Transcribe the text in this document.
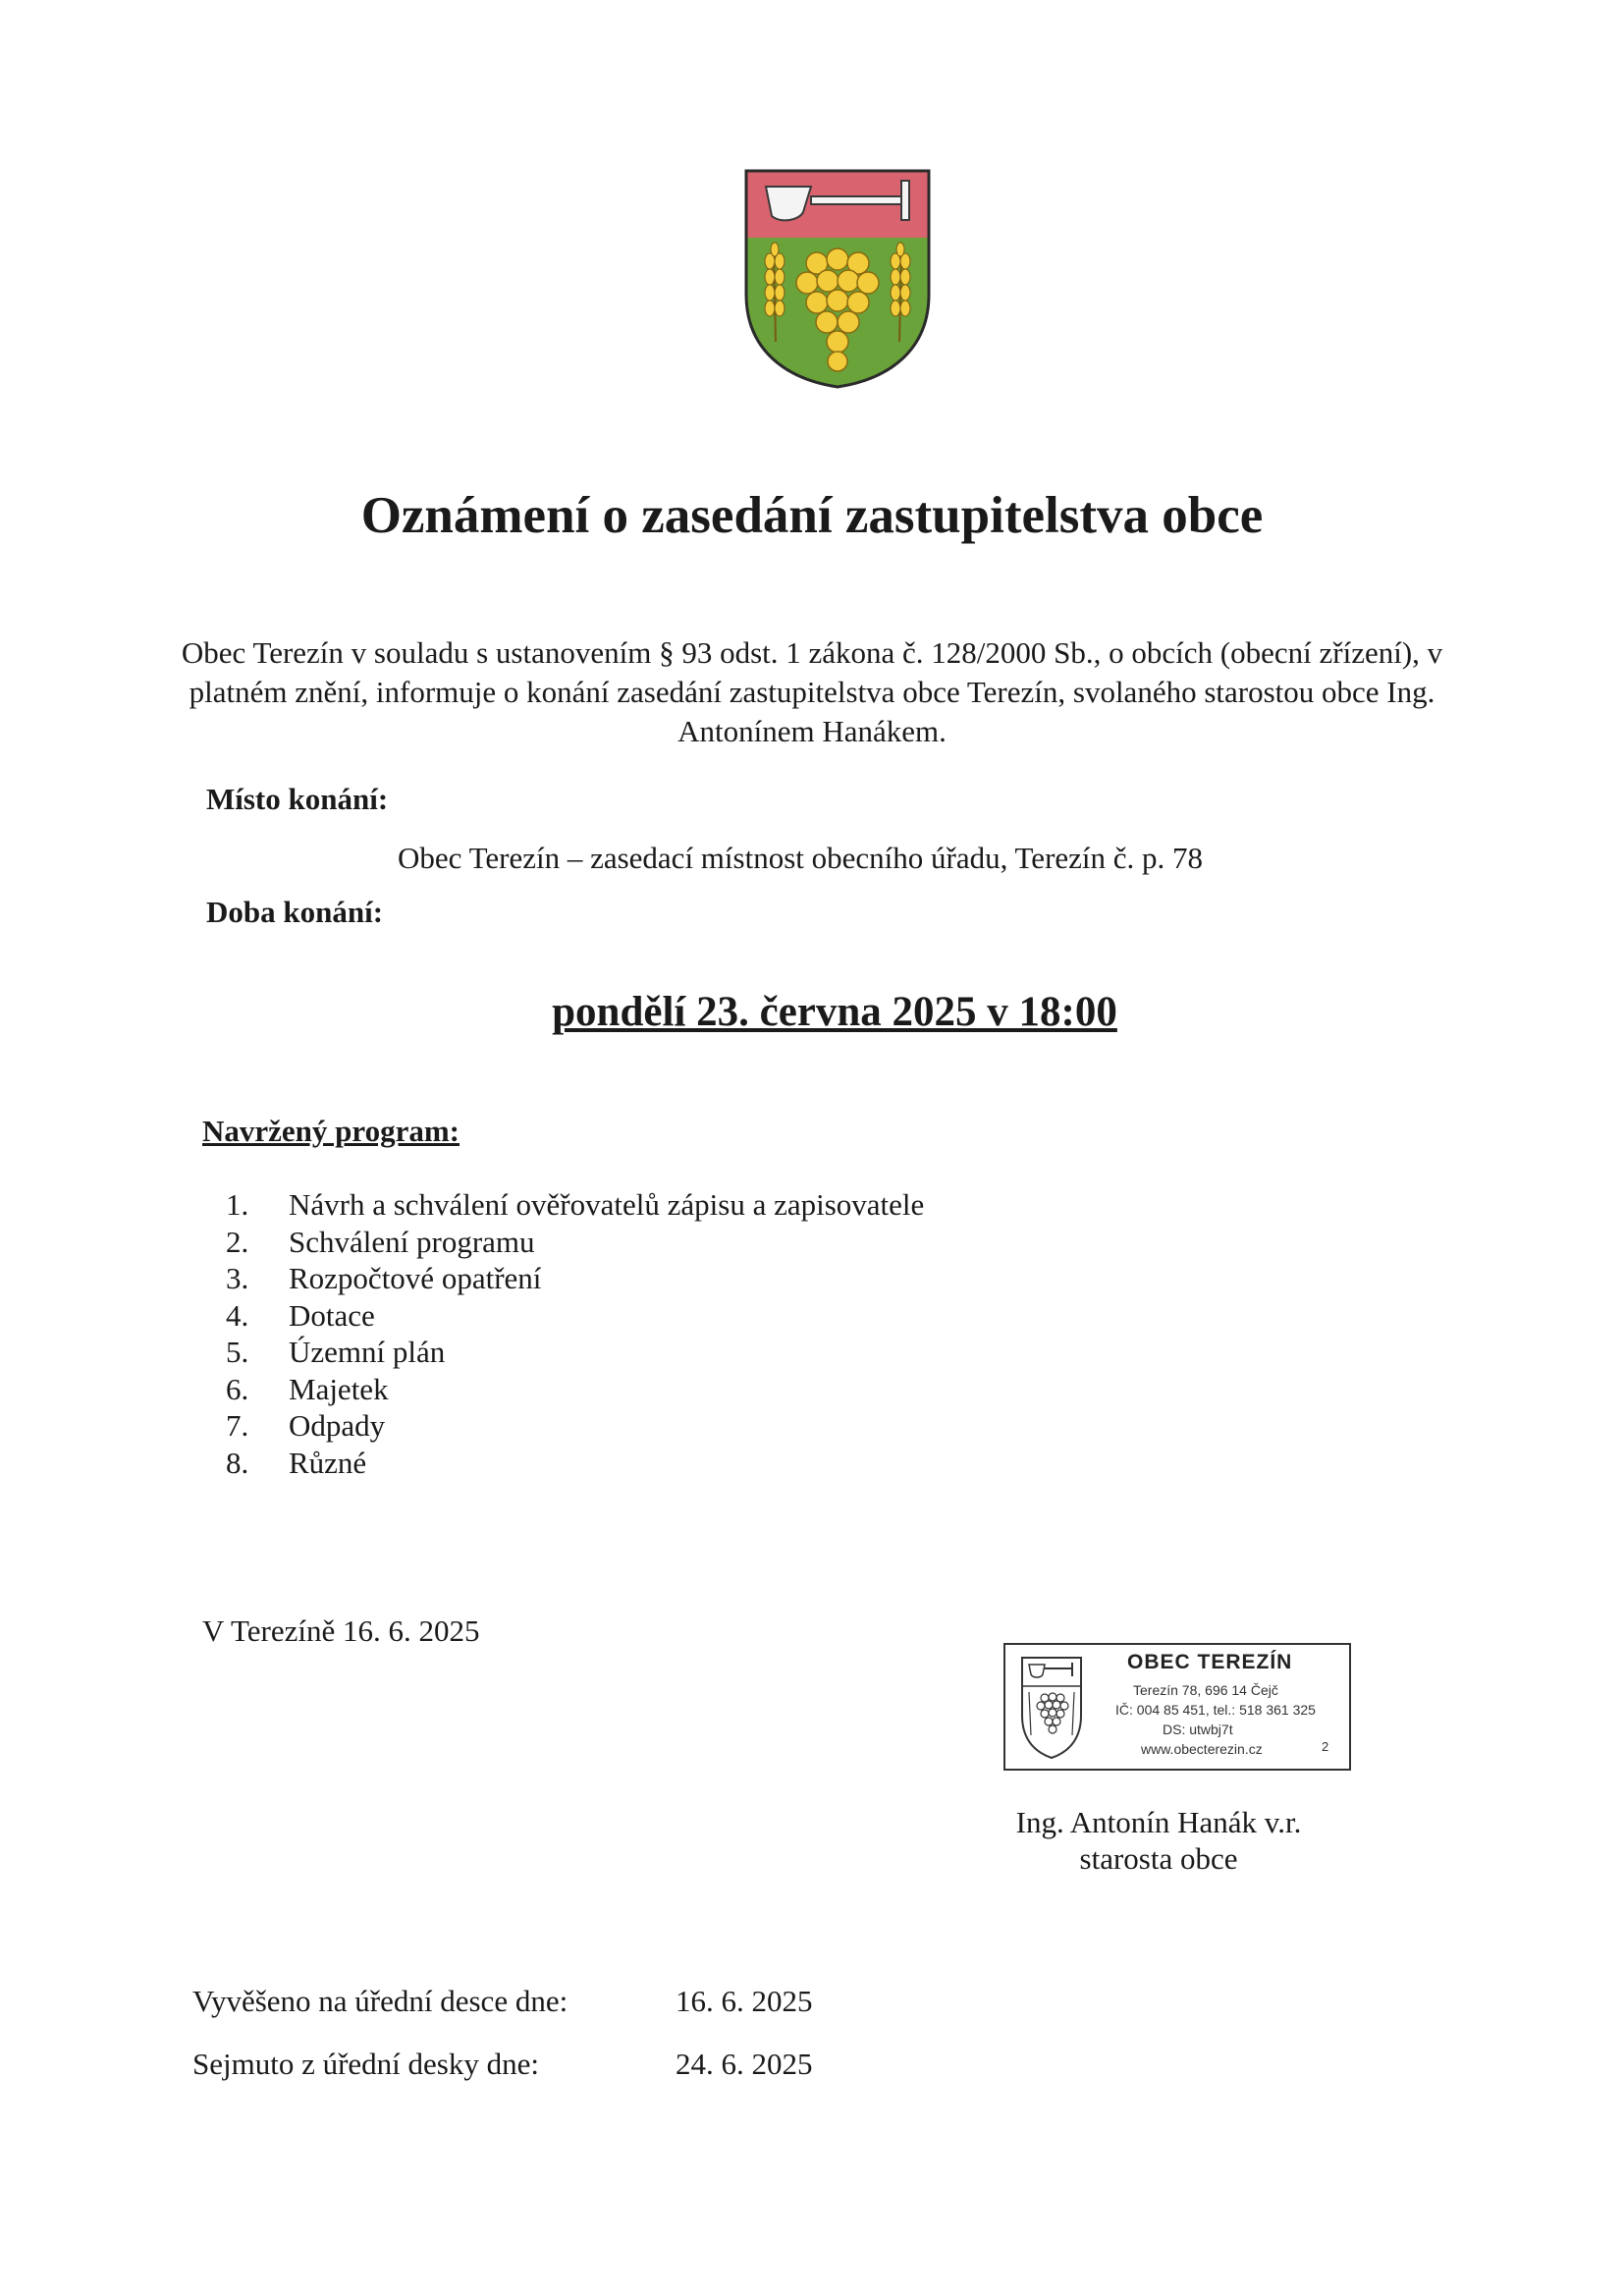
Oznámení o zasedání zastupitelstva obce

Obec Terezín v souladu s ustanovením § 93 odst. 1 zákona č. 128/2000 Sb., o obcích (obecní zřízení), v platném znění, informuje o konání zasedání zastupitelstva obce Terezín, svolaného starostou obce Ing. Antonínem Hanákem.

Místo konání:
Obec Terezín – zasedací místnost obecního úřadu, Terezín č. p. 78
Doba konání:
pondělí 23. června 2025 v 18:00
Navržený program:
1.	Návrh a schválení ověřovatelů zápisu a zapisovatele
2.	Schválení programu
3.	Rozpočtové opatření
4.	Dotace
5.	Územní plán
6.	Majetek
7.	Odpady
8.	Různé
V Terezíně 16. 6. 2025
OBEC TEREZÍN
Terezín 78, 696 14 Čejč
IČ: 004 85 451, tel.: 518 361 325
DS: utwbj7t
www.obecterezin.cz	2
Ing. Antonín Hanák v.r.
starosta obce
Vyvěšeno na úřední desce dne:	16. 6. 2025
Sejmuto z úřední desky dne:	24. 6. 2025
